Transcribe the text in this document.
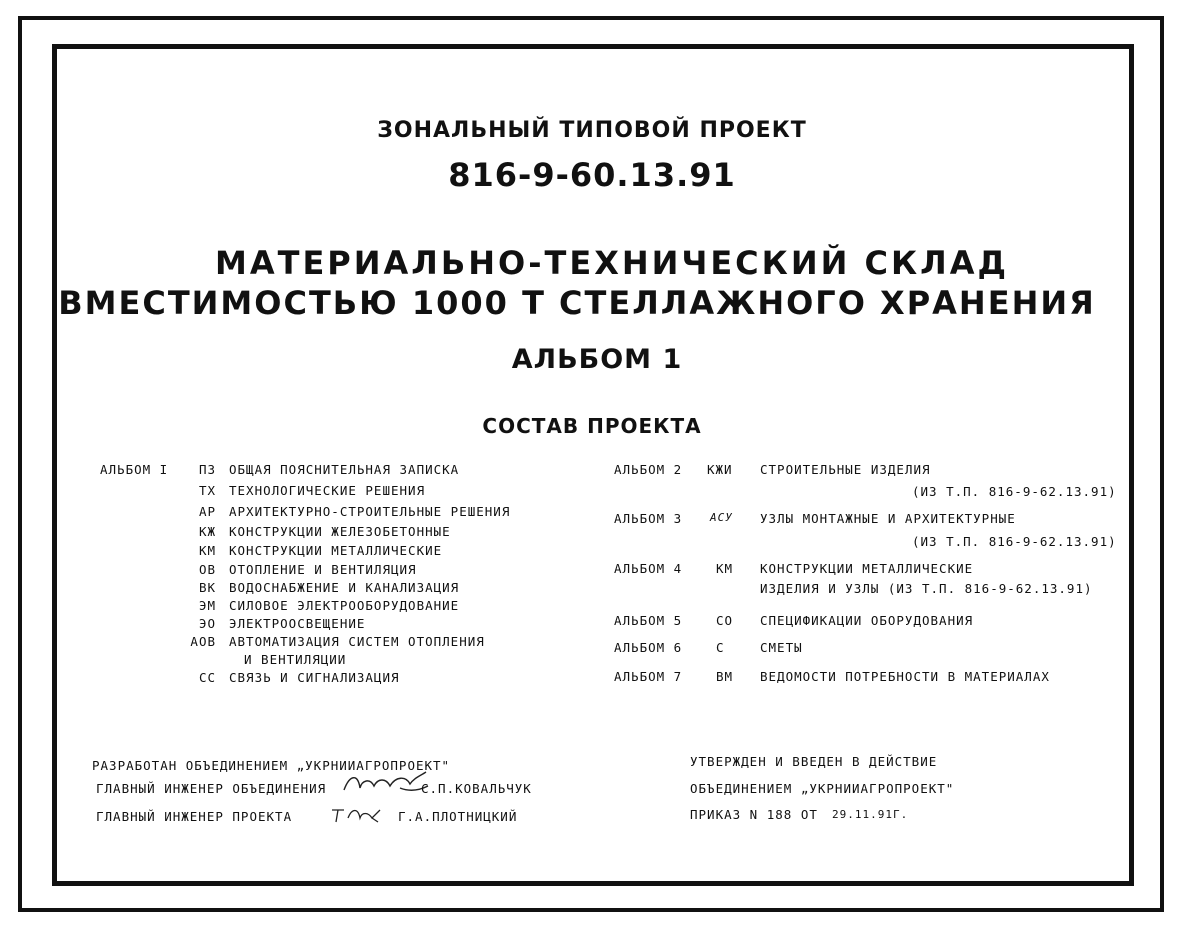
ЗОНАЛЬНЫЙ ТИПОВОЙ ПРОЕКТ
816-9-60.13.91
МАТЕРИАЛЬНО-ТЕХНИЧЕСКИЙ СКЛАД
ВМЕСТИМОСТЬЮ 1000 Т СТЕЛЛАЖНОГО ХРАНЕНИЯ
АЛЬБОМ 1
СОСТАВ ПРОЕКТА
АЛЬБОМ I	ПЗ ОБЩАЯ ПОЯСНИТЕЛЬНАЯ ЗАПИСКА
ТХ ТЕХНОЛОГИЧЕСКИЕ РЕШЕНИЯ
АР АРХИТЕКТУРНО-СТРОИТЕЛЬНЫЕ РЕШЕНИЯ
КЖ КОНСТРУКЦИИ ЖЕЛЕЗОБЕТОННЫЕ
КМ КОНСТРУКЦИИ МЕТАЛЛИЧЕСКИЕ
ОВ ОТОПЛЕНИЕ И ВЕНТИЛЯЦИЯ
ВК ВОДОСНАБЖЕНИЕ И КАНАЛИЗАЦИЯ
ЭМ СИЛОВОЕ ЭЛЕКТРООБОРУДОВАНИЕ
ЭО ЭЛЕКТРООСВЕЩЕНИЕ
АОВ АВТОМАТИЗАЦИЯ СИСТЕМ ОТОПЛЕНИЯ
И ВЕНТИЛЯЦИИ
СС СВЯЗЬ И СИГНАЛИЗАЦИЯ
АЛЬБОМ 2 КЖИ СТРОИТЕЛЬНЫЕ ИЗДЕЛИЯ
(ИЗ Т.П. 816-9-62.13.91)
АЛЬБОМ 3	АСУ УЗЛЫ МОНТАЖНЫЕ И АРХИТЕКТУРНЫЕ
(ИЗ Т.П. 816-9-62.13.91)
АЛЬБОМ 4	КМ КОНСТРУКЦИИ МЕТАЛЛИЧЕСКИЕ
ИЗДЕЛИЯ И УЗЛЫ (ИЗ Т.П. 816-9-62.13.91)
АЛЬБОМ 5	СО СПЕЦИФИКАЦИИ ОБОРУДОВАНИЯ
АЛЬБОМ 6	С	СМЕТЫ
АЛЬБОМ 7	ВМ ВЕДОМОСТИ ПОТРЕБНОСТИ В МАТЕРИАЛАХ
РАЗРАБОТАН ОБЪЕДИНЕНИЕМ „УКРНИИАГРОПРОЕКТ"
ГЛАВНЫЙ ИНЖЕНЕР ОБЪЕДИНЕНИЯ	С.П.КОВАЛЬЧУК
ГЛАВНЫЙ ИНЖЕНЕР ПРОЕКТА	Г.А.ПЛОТНИЦКИЙ
УТВЕРЖДЕН И ВВЕДЕН В ДЕЙСТВИЕ
ОБЪЕДИНЕНИЕМ „УКРНИИАГРОПРОЕКТ"
ПРИКАЗ N 188 ОТ 29.11.91Г.
